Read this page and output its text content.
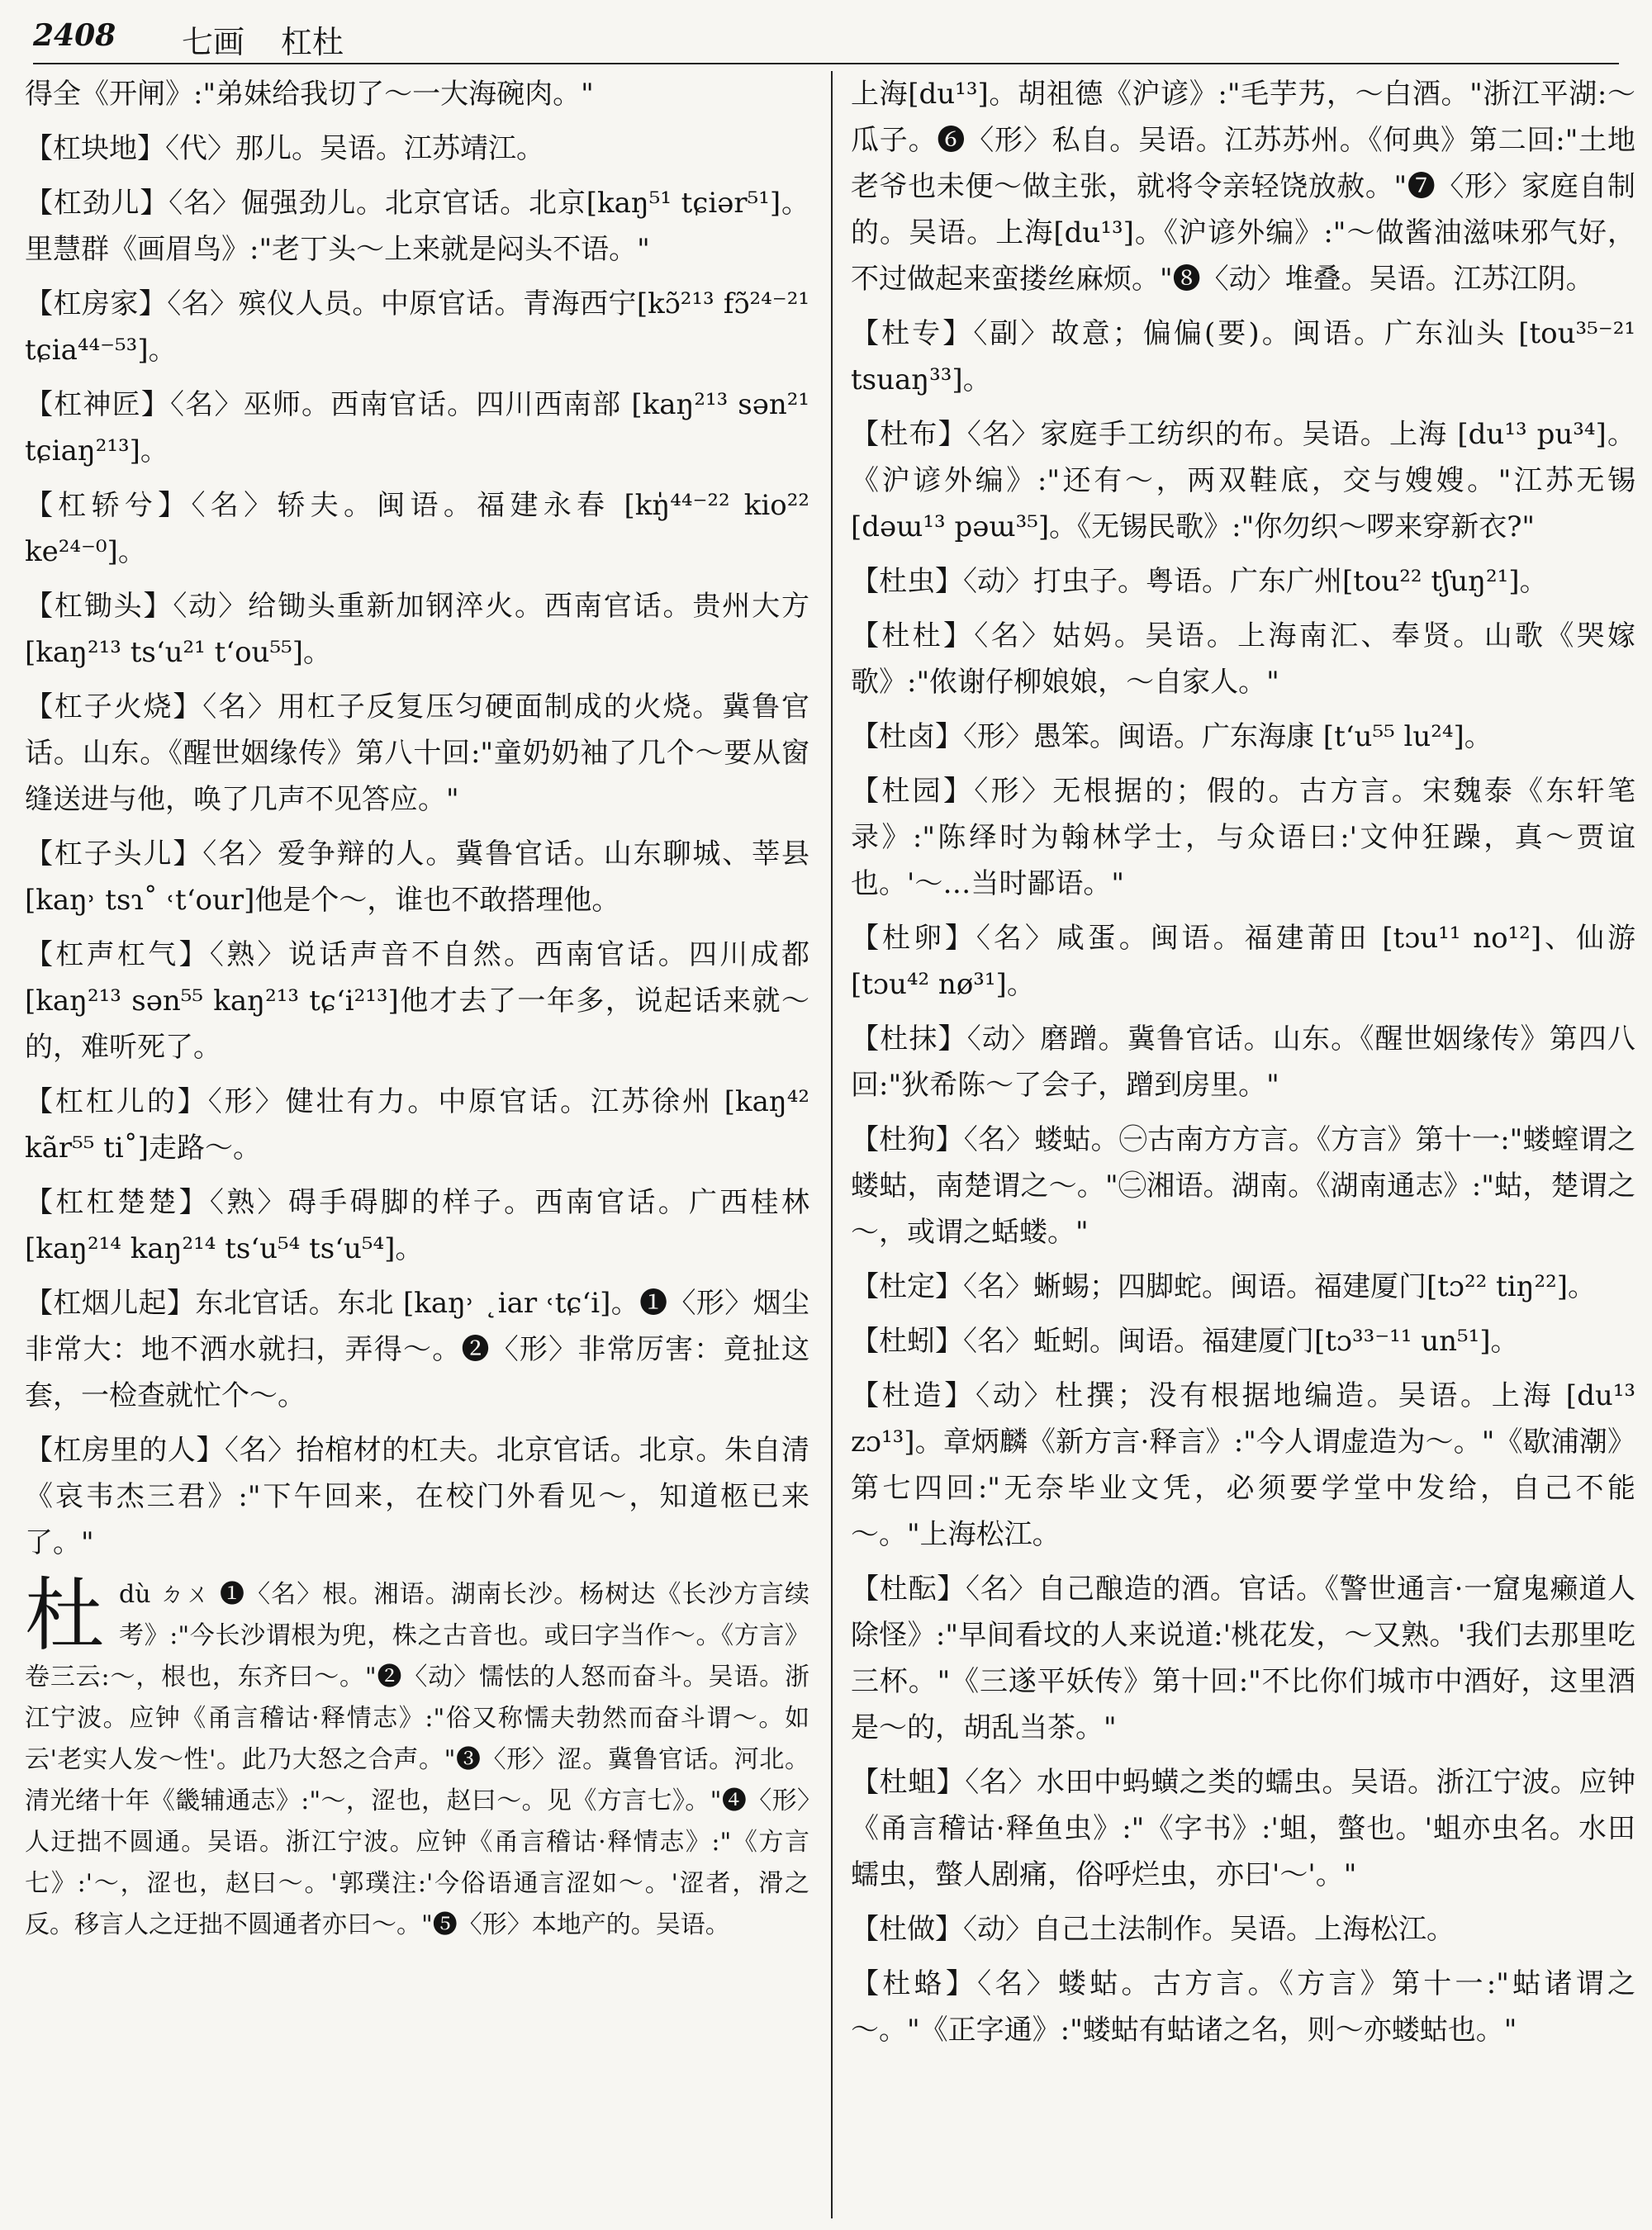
2408 七画 杠杜

得全《开闸》:"弟妹给我切了～一大海碗肉。"

【杠块地】〈代〉那儿。吴语。江苏靖江。

【杠劲儿】〈名〉倔强劲儿。北京官话。北京[kaŋ⁵¹ tɕiər⁵¹]。里慧群《画眉鸟》:"老丁头～上来就是闷头不语。"

【杠房家】〈名〉殡仪人员。中原官话。青海西宁[kɔ̃²¹³ fɔ̃²⁴⁻²¹ tɕia⁴⁴⁻⁵³]。

【杠神匠】〈名〉巫师。西南官话。四川西南部 [kaŋ²¹³ sən²¹ tɕiaŋ²¹³]。

【杠轿兮】〈名〉轿夫。闽语。福建永春 [kŋ̍⁴⁴⁻²² kio²² ke²⁴⁻⁰]。

【杠锄头】〈动〉给锄头重新加钢淬火。西南官话。贵州大方 [kaŋ²¹³ tsʻu²¹ tʻou⁵⁵]。

【杠子火烧】〈名〉用杠子反复压匀硬面制成的火烧。冀鲁官话。山东。《醒世姻缘传》第八十回:"童奶奶袖了几个～要从窗缝送进与他，唤了几声不见答应。"

【杠子头儿】〈名〉爱争辩的人。冀鲁官话。山东聊城、莘县[kaŋ˒ tsɿ˚ ˓tʻour]他是个～，谁也不敢搭理他。

【杠声杠气】〈熟〉说话声音不自然。西南官话。四川成都[kaŋ²¹³ sən⁵⁵ kaŋ²¹³ tɕʻi²¹³]他才去了一年多，说起话来就～的，难听死了。

【杠杠儿的】〈形〉健壮有力。中原官话。江苏徐州 [kaŋ⁴² kãr⁵⁵ ti˚]走路～。

【杠杠楚楚】〈熟〉碍手碍脚的样子。西南官话。广西桂林[kaŋ²¹⁴ kaŋ²¹⁴ tsʻu⁵⁴ tsʻu⁵⁴]。

【杠烟儿起】东北官话。东北 [kaŋ˒ ˛iar ˓tɕʻi]。❶〈形〉烟尘非常大：地不洒水就扫，弄得～。❷〈形〉非常厉害：竟扯这套，一检查就忙个～。

【杠房里的人】〈名〉抬棺材的杠夫。北京官话。北京。朱自清《哀韦杰三君》:"下午回来，在校门外看见～，知道柩已来了。"

杜 dù ㄉㄨ ❶〈名〉根。湘语。湖南长沙。杨树达《长沙方言续考》:"今长沙谓根为兜，株之古音也。或曰字当作～。《方言》卷三云:～，根也，东齐曰～。"❷〈动〉懦怯的人怒而奋斗。吴语。浙江宁波。应钟《甬言稽诂·释情志》:"俗又称懦夫勃然而奋斗谓～。如云'老实人发～性'。此乃大怒之合声。"❸〈形〉涩。冀鲁官话。河北。清光绪十年《畿辅通志》:"～，涩也，赵曰～。见《方言七》。"❹〈形〉人迂拙不圆通。吴语。浙江宁波。应钟《甬言稽诂·释情志》:"《方言七》:'～，涩也，赵曰～。'郭璞注:'今俗语通言涩如～。'涩者，滑之反。移言人之迂拙不圆通者亦曰～。"❺〈形〉本地产的。吴语。

上海[du¹³]。胡祖德《沪谚》:"毛芋艿，～白酒。"浙江平湖:～瓜子。❻〈形〉私自。吴语。江苏苏州。《何典》第二回:"土地老爷也未便～做主张，就将令亲轻饶放赦。"❼〈形〉家庭自制的。吴语。上海[du¹³]。《沪谚外编》:"～做酱油滋味邪气好，不过做起来蛮搂丝麻烦。"❽〈动〉堆叠。吴语。江苏江阴。

【杜专】〈副〉故意；偏偏(要)。闽语。广东汕头 [tou³⁵⁻²¹ tsuaŋ³³]。

【杜布】〈名〉家庭手工纺织的布。吴语。上海 [du¹³ pu³⁴]。《沪谚外编》:"还有～，两双鞋底，交与嫂嫂。"江苏无锡 [dəɯ¹³ pəɯ³⁵]。《无锡民歌》:"你勿织～啰来穿新衣?"

【杜虫】〈动〉打虫子。粤语。广东广州[tou²² tʃuŋ²¹]。

【杜杜】〈名〉姑妈。吴语。上海南汇、奉贤。山歌《哭嫁歌》:"侬谢仔柳娘娘，～自家人。"

【杜卤】〈形〉愚笨。闽语。广东海康 [tʻu⁵⁵ lu²⁴]。

【杜园】〈形〉无根据的；假的。古方言。宋魏泰《东轩笔录》:"陈绎时为翰林学士，与众语曰:'文仲狂躁，真～贾谊也。'～…当时鄙语。"

【杜卵】〈名〉咸蛋。闽语。福建莆田 [tɔu¹¹ no¹²]、仙游[tɔu⁴² nø³¹]。

【杜抹】〈动〉磨蹭。冀鲁官话。山东。《醒世姻缘传》第四八回:"狄希陈～了会子，蹭到房里。"

【杜狗】〈名〉蝼蛄。㊀古南方方言。《方言》第十一:"蝼螲谓之蝼蛄，南楚谓之～。"㊁湘语。湖南。《湖南通志》:"蛄，楚谓之～，或谓之蛞蝼。"

【杜定】〈名〉蜥蜴；四脚蛇。闽语。福建厦门[tɔ²² tiŋ²²]。

【杜蚓】〈名〉蚯蚓。闽语。福建厦门[tɔ³³⁻¹¹ un⁵¹]。

【杜造】〈动〉杜撰；没有根据地编造。吴语。上海 [du¹³ zɔ¹³]。章炳麟《新方言·释言》:"今人谓虚造为～。"《歇浦潮》第七四回:"无奈毕业文凭，必须要学堂中发给，自己不能～。"上海松江。

【杜酝】〈名〉自己酿造的酒。官话。《警世通言·一窟鬼癞道人除怪》:"早间看坟的人来说道:'桃花发，～又熟。'我们去那里吃三杯。"《三遂平妖传》第十回:"不比你们城市中酒好，这里酒是～的，胡乱当茶。"

【杜蛆】〈名〉水田中蚂蟥之类的蠕虫。吴语。浙江宁波。应钟《甬言稽诂·释鱼虫》:"《字书》:'蛆，螫也。'蛆亦虫名。水田蠕虫，螫人剧痛，俗呼烂虫，亦曰'～'。"

【杜做】〈动〉自己土法制作。吴语。上海松江。

【杜蛒】〈名〉蝼蛄。古方言。《方言》第十一:"蛄诸谓之～。"《正字通》:"蝼蛄有蛄诸之名，则～亦蝼蛄也。"
